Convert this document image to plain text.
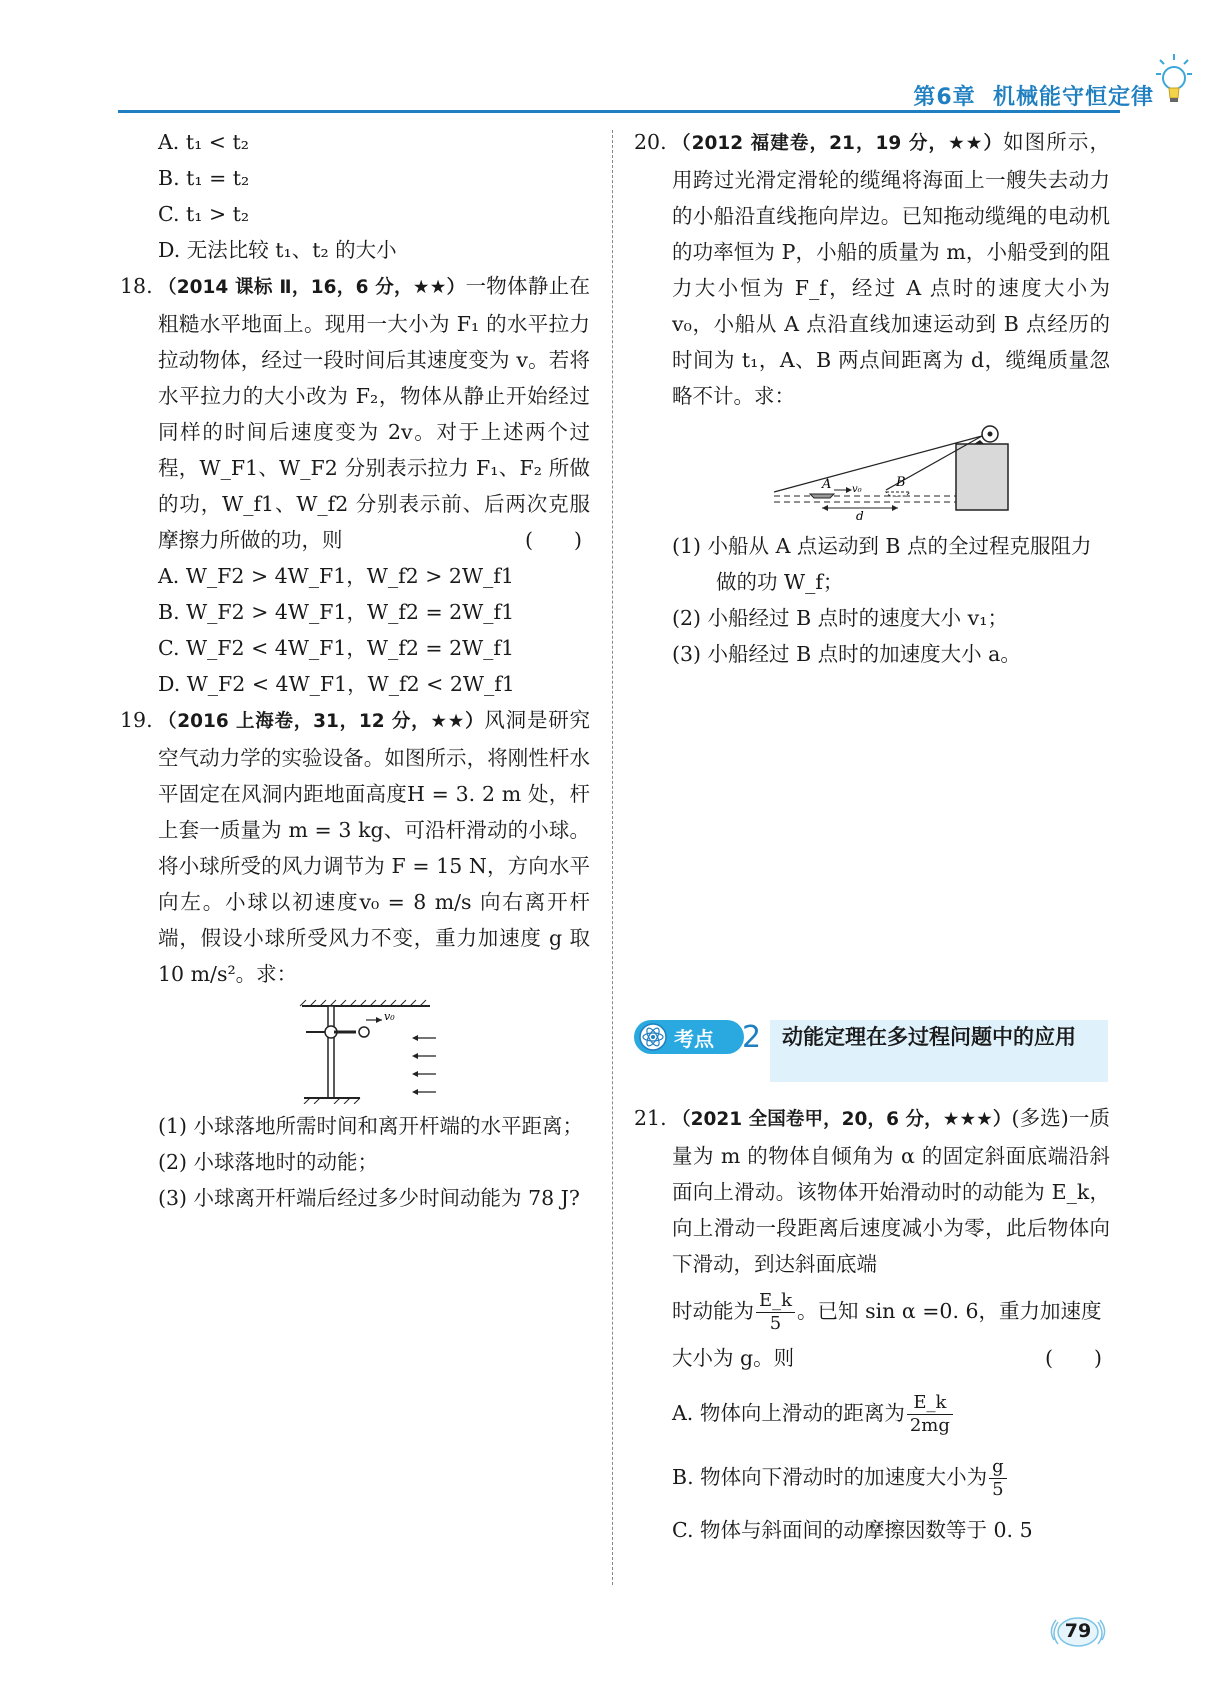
第6章 机械能守恒定律
A. t₁ < t₂
B. t₁ = t₂
C. t₁ > t₂
D. 无法比较 t₁、t₂ 的大小
18. （2014 课标 Ⅱ，16，6 分，★★）一物体静止在粗糙水平地面上。现用一大小为 F₁ 的水平拉力拉动物体，经过一段时间后其速度变为 v。若将水平拉力的大小改为 F₂，物体从静止开始经过同样的时间后速度变为 2v。对于上述两个过程，W_F1、W_F2 分别表示拉力 F₁、F₂ 所做的功，W_f1、W_f2 分别表示前、后两次克服摩擦力所做的功，则	(　　)
A. W_F2 > 4W_F1，W_f2 > 2W_f1
B. W_F2 > 4W_F1，W_f2 = 2W_f1
C. W_F2 < 4W_F1，W_f2 = 2W_f1
D. W_F2 < 4W_F1，W_f2 < 2W_f1
19. （2016 上海卷，31，12 分，★★）风洞是研究空气动力学的实验设备。如图所示，将刚性杆水平固定在风洞内距地面高度H = 3. 2 m 处，杆上套一质量为 m = 3 kg、可沿杆滑动的小球。将小球所受的风力调节为 F = 15 N，方向水平向左。小球以初速度v₀ = 8 m/s 向右离开杆端，假设小球所受风力不变，重力加速度 g 取 10 m/s²。求：
v₀
(1) 小球落地所需时间和离开杆端的水平距离；
(2) 小球落地时的动能；
(3) 小球离开杆端后经过多少时间动能为 78 J?
20. （2012 福建卷，21，19 分，★★）如图所示，用跨过光滑定滑轮的缆绳将海面上一艘失去动力的小船沿直线拖向岸边。已知拖动缆绳的电动机的功率恒为 P，小船的质量为 m，小船受到的阻力大小恒为 F_f，经过 A 点时的速度大小为 v₀，小船从 A 点沿直线加速运动到 B 点经历的时间为 t₁，A、B 两点间距离为 d，缆绳质量忽略不计。求：
A	B
v₀
d
(1) 小船从 A 点运动到 B 点的全过程克服阻力做的功 W_f；
(2) 小船经过 B 点时的速度大小 v₁；
(3) 小船经过 B 点时的加速度大小 a。
考点 2 动能定理在多过程问题中的应用
21. （2021 全国卷甲，20，6 分，★★★）(多选)一质量为 m 的物体自倾角为 α 的固定斜面底端沿斜面向上滑动。该物体开始滑动时的动能为 E_k，向上滑动一段距离后速度减小为零，此后物体向下滑动，到达斜面底端
时动能为 $\frac{E\_k}{5}$ 。已知 sin α =0. 6，重力加速度
大小为 g。则	(　　)
A. 物体向上滑动的距离为 $\frac{E\_k}{2mg}$
B. 物体向下滑动时的加速度大小为 $\frac{g}{5}$
C. 物体与斜面间的动摩擦因数等于 0. 5
79
